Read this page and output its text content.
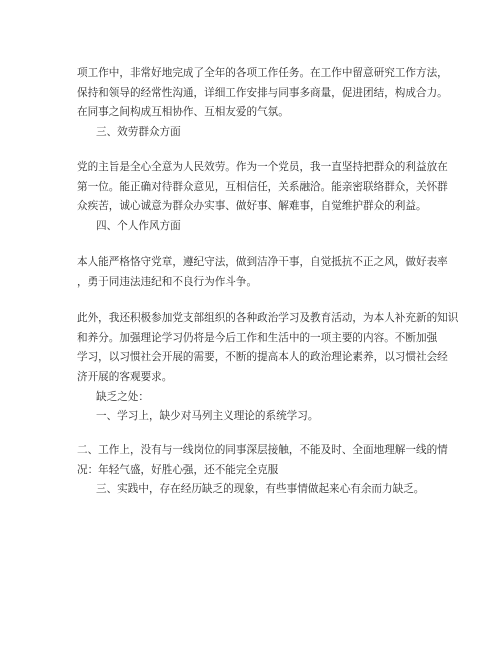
项工作中，非常好地完成了全年的各项工作任务。在工作中留意研究工作方法，

保持和领导的经常性沟通，详细工作安排与同事多商量，促进团结，构成合力。

在同事之间构成互相协作、互相友爱的气氛。

三、效劳群众方面

党的主旨是全心全意为人民效劳。作为一个党员，我一直坚持把群众的利益放在

第一位。能正确对待群众意见，互相信任，关系融洽。能亲密联络群众，关怀群

众疾苦，诚心诚意为群众办实事、做好事、解难事，自觉维护群众的利益。

四、个人作风方面

本人能严格恪守党章，遵纪守法，做到洁净干事，自觉抵抗不正之风，做好表率

，勇于同违法违纪和不良行为作斗争。

此外，我还积极参加党支部组织的各种政治学习及教育活动，为本人补充新的知识

和养分。加强理论学习仍将是今后工作和生活中的一项主要的内容。不断加强

学习，以习惯社会开展的需要，不断的提高本人的政治理论素养，以习惯社会经

济开展的客观要求。

缺乏之处：

一、学习上，缺少对马列主义理论的系统学习。

二、工作上，没有与一线岗位的同事深层接触，不能及时、全面地理解一线的情

况：年轻气盛，好胜心强，还不能完全克服

三、实践中，存在经历缺乏的现象，有些事情做起来心有余而力缺乏。
